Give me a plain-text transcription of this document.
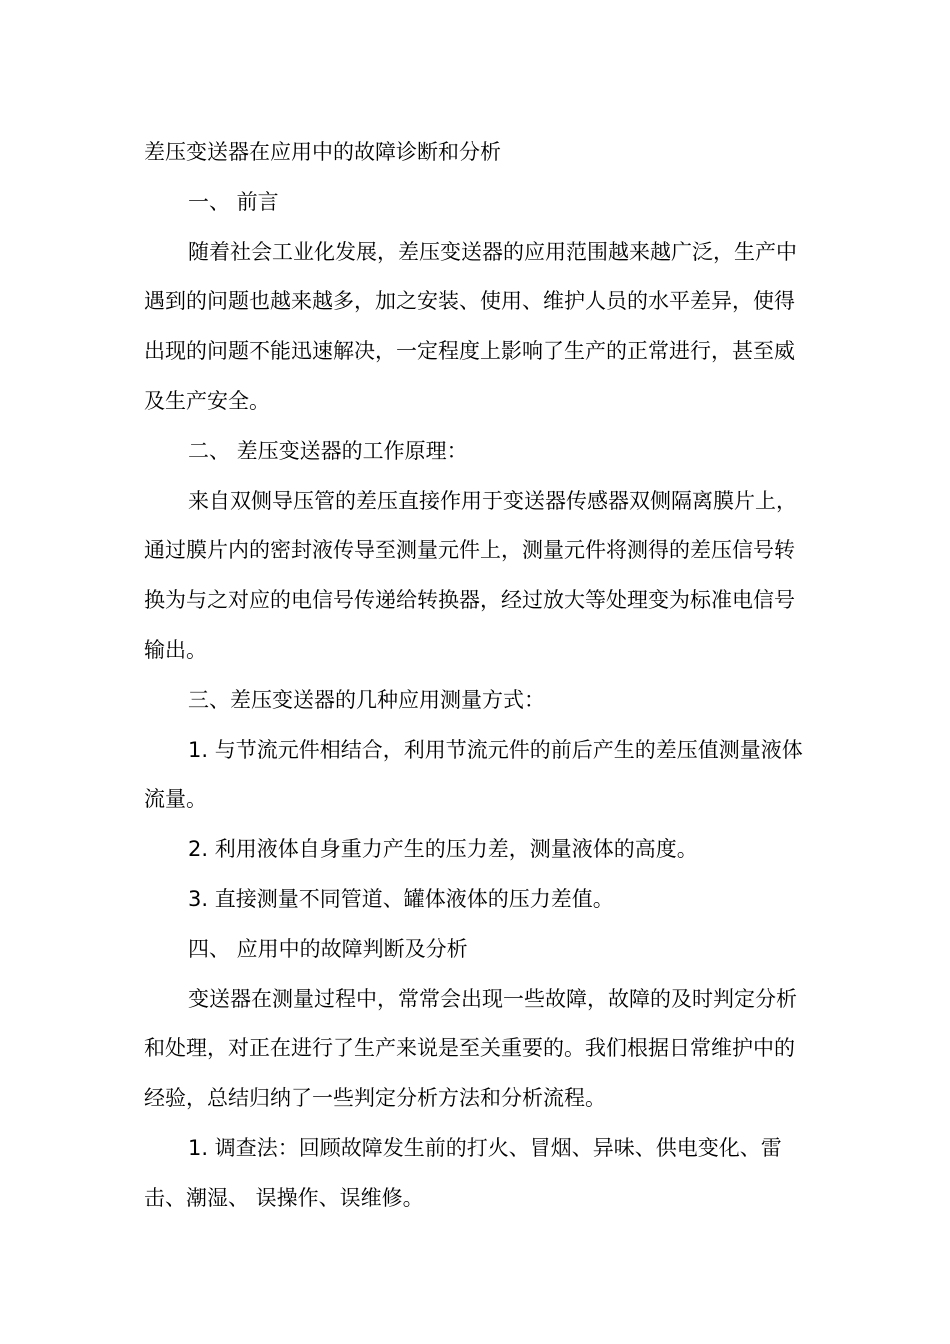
差压变送器在应用中的故障诊断和分析

一、 前言

随着社会工业化发展，差压变送器的应用范围越来越广泛，生产中遇到的问题也越来越多，加之安装、使用、维护人员的水平差异，使得出现的问题不能迅速解决，一定程度上影响了生产的正常进行，甚至威及生产安全。

二、 差压变送器的工作原理：

来自双侧导压管的差压直接作用于变送器传感器双侧隔离膜片上，通过膜片内的密封液传导至测量元件上，测量元件将测得的差压信号转换为与之对应的电信号传递给转换器，经过放大等处理变为标准电信号输出。

三、差压变送器的几种应用测量方式：

1. 与节流元件相结合，利用节流元件的前后产生的差压值测量液体流量。

2. 利用液体自身重力产生的压力差，测量液体的高度。

3. 直接测量不同管道、罐体液体的压力差值。

四、 应用中的故障判断及分析

变送器在测量过程中，常常会出现一些故障，故障的及时判定分析和处理，对正在进行了生产来说是至关重要的。我们根据日常维护中的经验，总结归纳了一些判定分析方法和分析流程。

1. 调查法：回顾故障发生前的打火、冒烟、异味、供电变化、雷击、潮湿、 误操作、误维修。
